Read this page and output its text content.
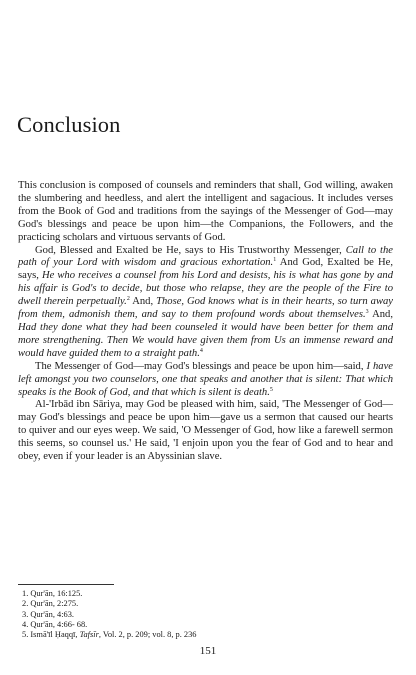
Conclusion

This conclusion is composed of counsels and reminders that shall, God willing, awaken the slumbering and heedless, and alert the intelligent and sagacious. It includes verses from the Book of God and traditions from the sayings of the Messenger of God—may God's blessings and peace be upon him—the Companions, the Followers, and the practicing scholars and virtuous servants of God.

God, Blessed and Exalted be He, says to His Trustworthy Messenger, Call to the path of your Lord with wisdom and gracious exhortation.$^1$ And God, Exalted be He, says, He who receives a counsel from his Lord and desists, his is what has gone by and his affair is God's to decide, but those who relapse, they are the people of the Fire to dwell therein perpetually.$^2$ And, Those, God knows what is in their hearts, so turn away from them, admonish them, and say to them profound words about themselves.$^3$ And, Had they done what they had been counseled it would have been better for them and more strengthening. Then We would have given them from Us an immense reward and would have guided them to a straight path.$^4$

The Messenger of God—may God's blessings and peace be upon him—said, I have left amongst you two counselors, one that speaks and another that is silent: That which speaks is the Book of God, and that which is silent is death.$^5$

Al-'Irbād ibn Sāriya, may God be pleased with him, said, 'The Messenger of God—may God's blessings and peace be upon him—gave us a sermon that caused our hearts to quiver and our eyes weep. We said, 'O Messenger of God, how like a farewell sermon this seems, so counsel us.' He said, 'I enjoin upon you the fear of God and to hear and obey, even if your leader is an Abyssinian slave.

1. Qur'ān, 16:125.
2. Qur'ān, 2:275.
3. Qur'ān, 4:63.
4. Qur'ān, 4:66- 68.
5. Ismā'īl Ḥaqqī, Tafsīr, Vol. 2, p. 209; vol. 8, p. 236
151
